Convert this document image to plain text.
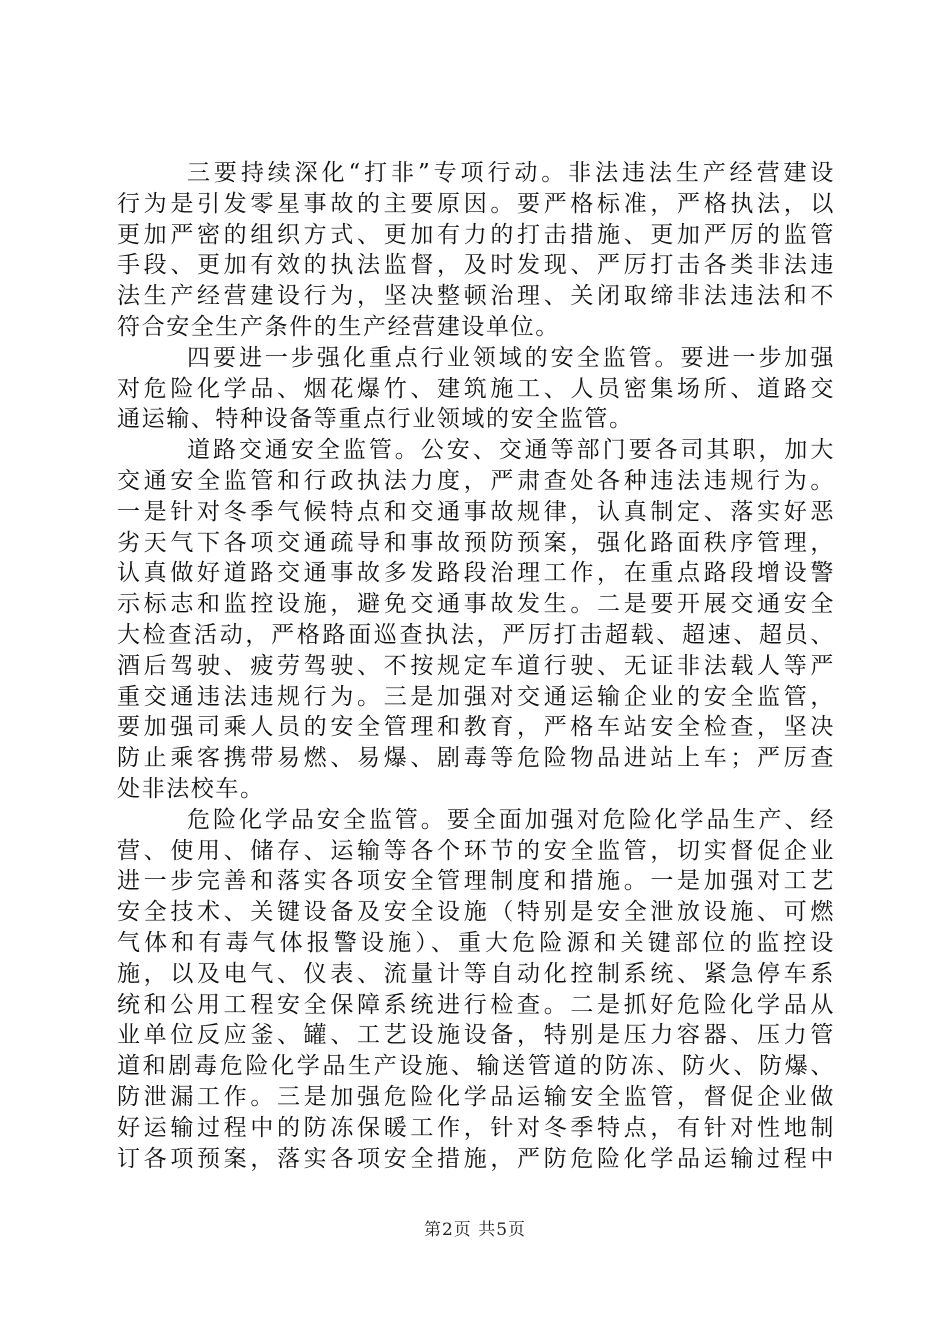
三要持续深化“打非”专项行动。非法违法生产经营建设
行为是引发零星事故的主要原因。要严格标准，严格执法，以
更加严密的组织方式、更加有力的打击措施、更加严厉的监管
手段、更加有效的执法监督，及时发现、严厉打击各类非法违
法生产经营建设行为，坚决整顿治理、关闭取缔非法违法和不
符合安全生产条件的生产经营建设单位。
四要进一步强化重点行业领域的安全监管。要进一步加强
对危险化学品、烟花爆竹、建筑施工、人员密集场所、道路交
通运输、特种设备等重点行业领域的安全监管。
道路交通安全监管。公安、交通等部门要各司其职，加大
交通安全监管和行政执法力度，严肃查处各种违法违规行为。
一是针对冬季气候特点和交通事故规律，认真制定、落实好恶
劣天气下各项交通疏导和事故预防预案，强化路面秩序管理，
认真做好道路交通事故多发路段治理工作，在重点路段增设警
示标志和监控设施，避免交通事故发生。二是要开展交通安全
大检查活动，严格路面巡查执法，严厉打击超载、超速、超员、
酒后驾驶、疲劳驾驶、不按规定车道行驶、无证非法载人等严
重交通违法违规行为。三是加强对交通运输企业的安全监管，
要加强司乘人员的安全管理和教育，严格车站安全检查，坚决
防止乘客携带易燃、易爆、剧毒等危险物品进站上车；严厉查
处非法校车。
危险化学品安全监管。要全面加强对危险化学品生产、经
营、使用、储存、运输等各个环节的安全监管，切实督促企业
进一步完善和落实各项安全管理制度和措施。一是加强对工艺
安全技术、关键设备及安全设施（特别是安全泄放设施、可燃
气体和有毒气体报警设施）、重大危险源和关键部位的监控设
施，以及电气、仪表、流量计等自动化控制系统、紧急停车系
统和公用工程安全保障系统进行检查。二是抓好危险化学品从
业单位反应釜、罐、工艺设施设备，特别是压力容器、压力管
道和剧毒危险化学品生产设施、输送管道的防冻、防火、防爆、
防泄漏工作。三是加强危险化学品运输安全监管，督促企业做
好运输过程中的防冻保暖工作，针对冬季特点，有针对性地制
订各项预案，落实各项安全措施，严防危险化学品运输过程中
第2页 共5页
